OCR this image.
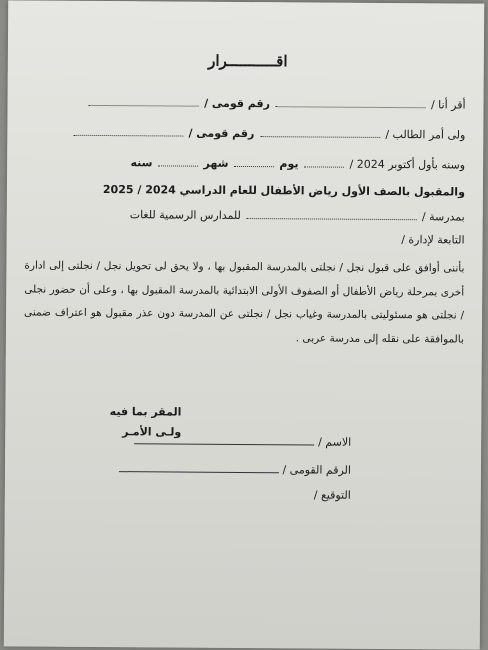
اقـــــــــــرار
أقر أنا /  رقم قومى /
ولى أمر الطالب /  رقم قومى /
وسنه بأول أكتوبر 2024 /  يوم  شهر  سنه
والمقبول بالصف الأول رياض الأطفال للعام الدراسي 2024 / 2025
بمدرسة /  للمدارس الرسمية للغات
التابعة لإدارة /
بأننى أوافق على قبول نجل / نجلتى بالمدرسة المقبول بها ، ولا يحق لى تحويل نجل / نجلتى إلى ادارة أخرى بمرحلة رياض الأطفال أو الصفوف الأولى الابتدائية بالمدرسة المقبول بها ، وعلى أن حضور نجلى / نجلتى هو مسئوليتى بالمدرسة وغياب نجل / نجلتى عن المدرسة دون عذر مقبول هو اعتراف ضمنى بالموافقة على نقله إلى مدرسة عربى .
المقر بما فيه
ولـى الأمـر
الاسم /
الرقم القومى /
التوقيع /
